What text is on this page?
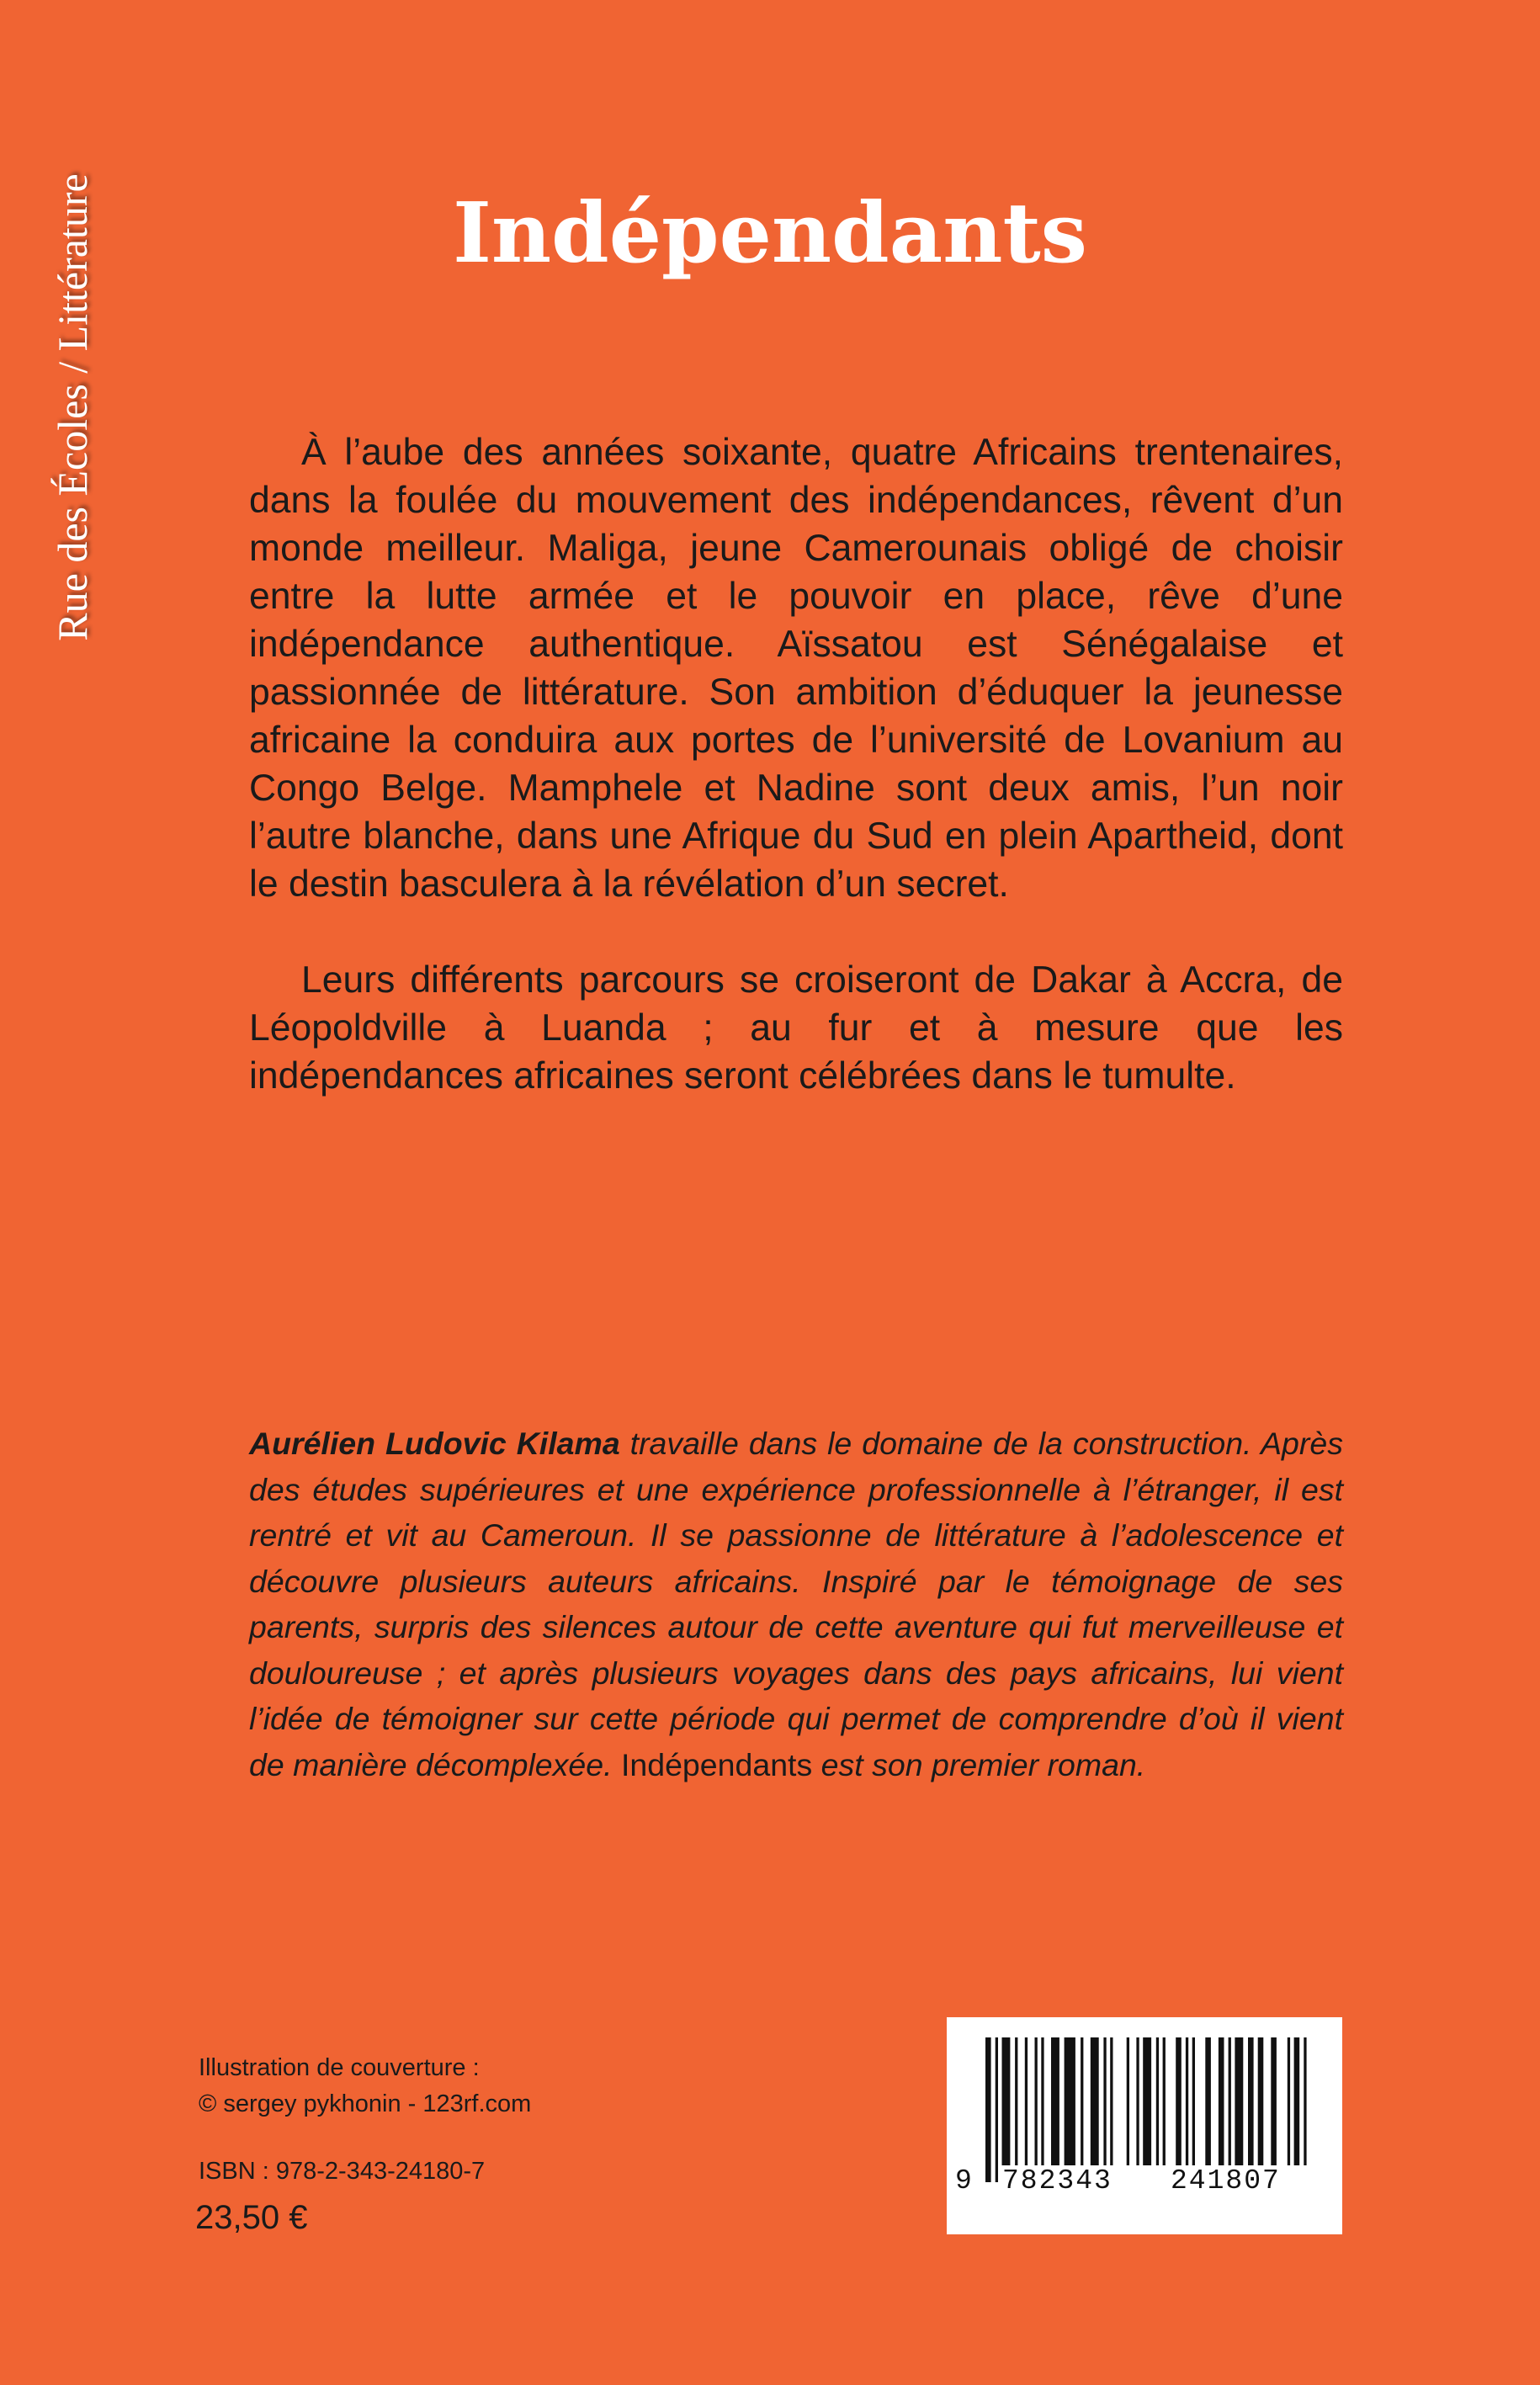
Rue des Écoles / Littérature	Indépendants

À l’aube des années soixante, quatre Africains trentenaires, dans la foulée du mouvement des indépendances, rêvent d’un monde meilleur. Maliga, jeune Camerounais obligé de choisir entre la lutte armée et le pouvoir en place, rêve d’une indépendance authentique. Aïssatou est Sénégalaise et passionnée de littérature. Son ambition d’éduquer la jeunesse africaine la conduira aux portes de l’université de Lovanium au Congo Belge. Mamphele et Nadine sont deux amis, l’un noir l’autre blanche, dans une Afrique du Sud en plein Apartheid, dont le destin basculera à la révélation d’un secret.

Leurs différents parcours se croiseront de Dakar à Accra, de Léopoldville à Luanda ; au fur et à mesure que les indépendances africaines seront célébrées dans le tumulte.

Aurélien Ludovic Kilama travaille dans le domaine de la construction. Après des études supérieures et une expérience professionnelle à l’étranger, il est rentré et vit au Cameroun. Il se passionne de littérature à l’adolescence et découvre plusieurs auteurs africains. Inspiré par le témoignage de ses parents, surpris des silences autour de cette aventure qui fut merveilleuse et douloureuse ; et après plusieurs voyages dans des pays africains, lui vient l’idée de témoigner sur cette période qui permet de comprendre d’où il vient de manière décomplexée. Indépendants est son premier roman.

Illustration de couverture :
© sergey pykhonin - 123rf.com
ISBN : 978-2-343-24180-7
23,50 €
9 782343 241807
